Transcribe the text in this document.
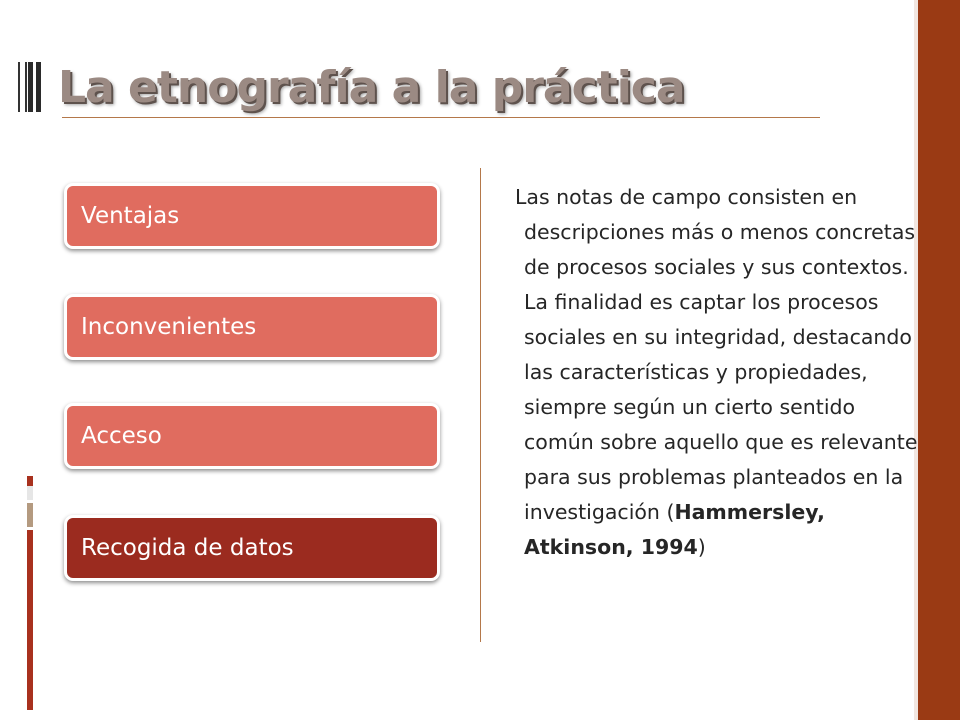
La etnografía a la práctica
Ventajas
Inconvenientes
Acceso
Recogida de datos

Las notas de campo consisten en descripciones más o menos concretas de procesos sociales y sus contextos. La finalidad es captar los procesos sociales en su integridad, destacando las características y propiedades, siempre según un cierto sentido común sobre aquello que es relevante para sus problemas planteados en la investigación (Hammersley, Atkinson, 1994)
